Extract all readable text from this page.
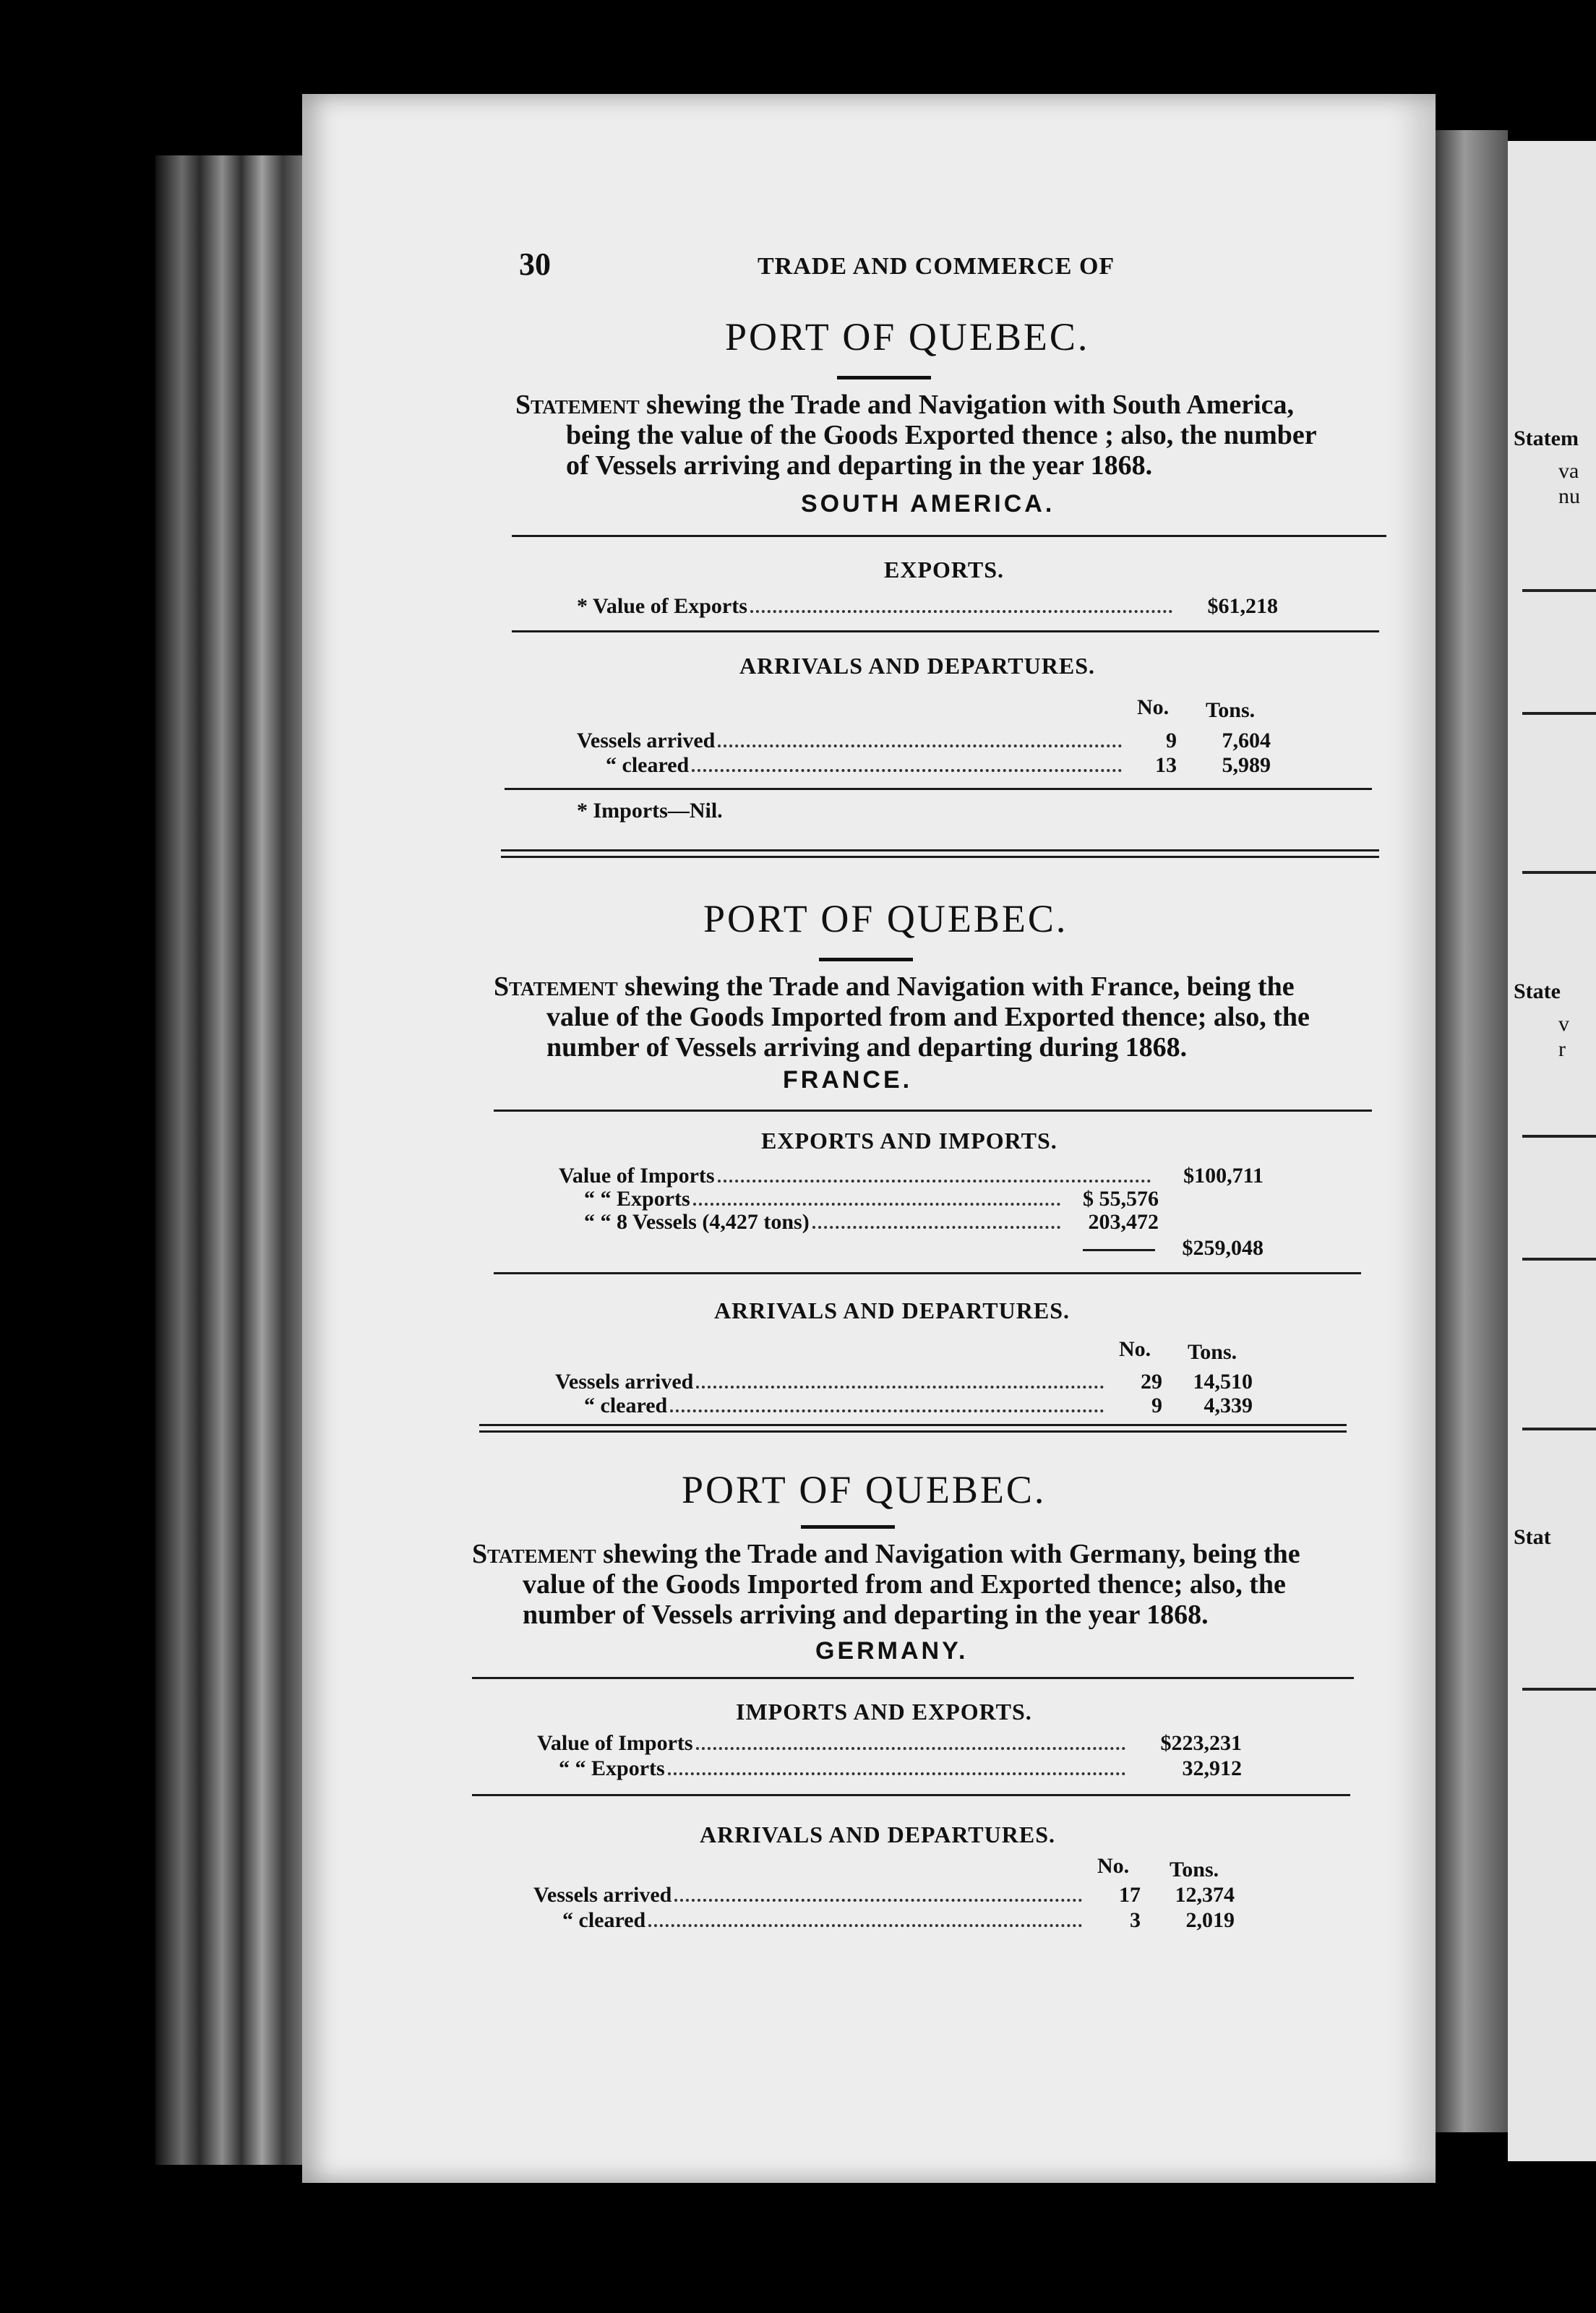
Statem
va
nu
State
v
r
Stat
30	TRADE AND COMMERCE OF
PORT OF QUEBEC.
Statement shewing the Trade and Navigation with South America,
being the value of the Goods Exported thence ; also, the number
of Vessels arriving and departing in the year 1868.
SOUTH AMERICA.
EXPORTS.
* Value of Exports	$61,218
ARRIVALS AND DEPARTURES.
No. Tons.
Vessels arrived	9	7,604
“ cleared	13	5,989
* Imports—Nil.
PORT OF QUEBEC.
Statement shewing the Trade and Navigation with France, being the
value of the Goods Imported from and Exported thence; also, the
number of Vessels arriving and departing during 1868.
FRANCE.
EXPORTS AND IMPORTS.
Value of Imports	$100,711
“ “ Exports	$ 55,576
“ “ 8 Vessels (4,427 tons)	203,472
$259,048
ARRIVALS AND DEPARTURES.
No. Tons.
Vessels arrived	29	14,510
“ cleared	9	4,339
PORT OF QUEBEC.
Statement shewing the Trade and Navigation with Germany, being the
value of the Goods Imported from and Exported thence; also, the
number of Vessels arriving and departing in the year 1868.
GERMANY.
IMPORTS AND EXPORTS.
Value of Imports	$223,231
“ “ Exports	32,912
ARRIVALS AND DEPARTURES.
No. Tons.
Vessels arrived	17	12,374
“ cleared	3	2,019
